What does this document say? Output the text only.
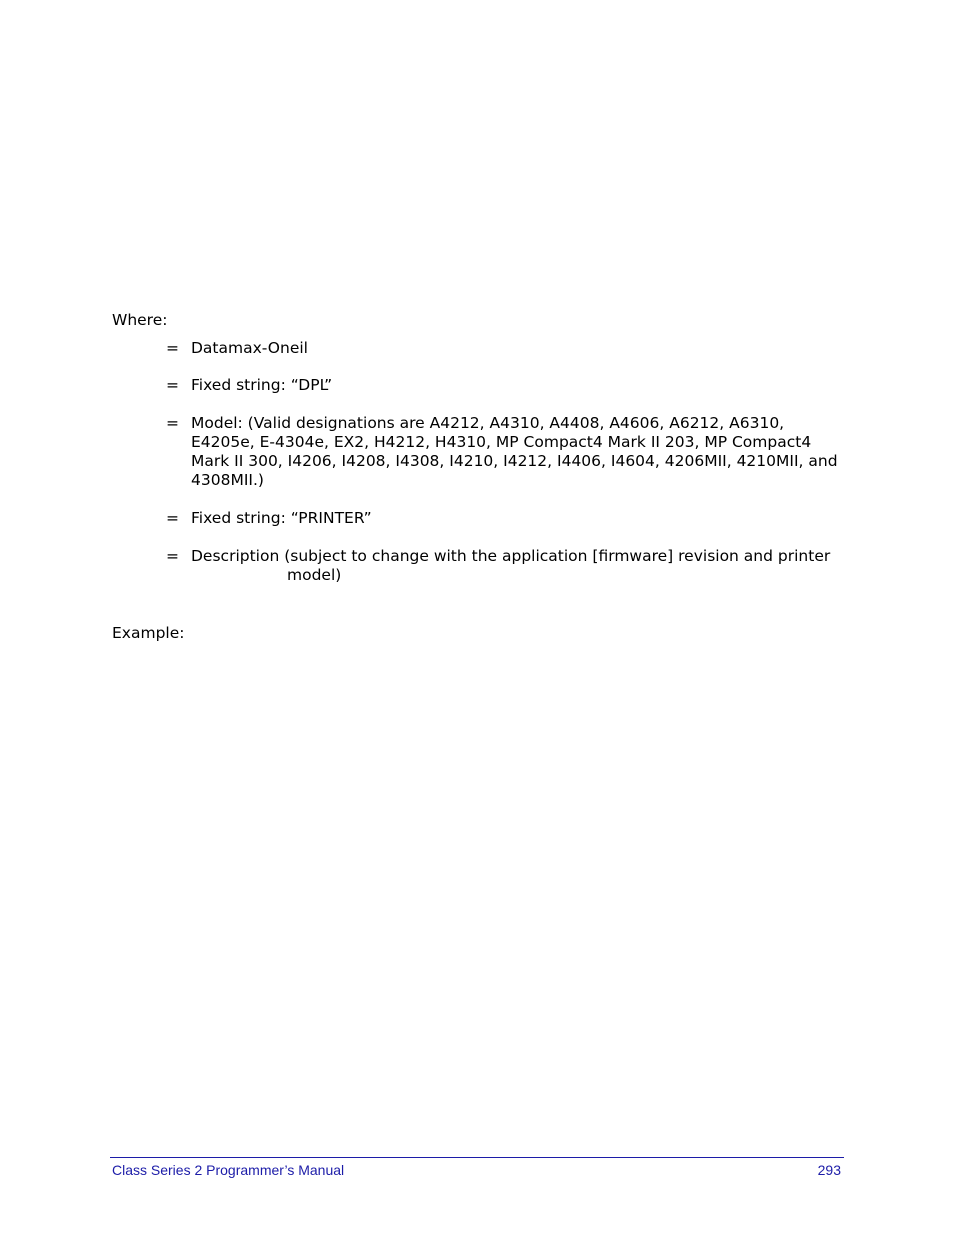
Where:

= Datamax-Oneil
= Fixed string: “DPL”
= Model: (Valid designations are A4212, A4310, A4408, A4606, A6212, A6310, E4205e, E-4304e, EX2, H4212, H4310, MP Compact4 Mark II 203, MP Compact4 Mark II 300, I4206, I4208, I4308, I4210, I4212, I4406, I4604, 4206MII, 4210MII, and 4308MII.)
= Fixed string: “PRINTER”
= Description (subject to change with the application [firmware] revision and printer
model)

Example:

Class Series 2 Programmer’s Manual	293
